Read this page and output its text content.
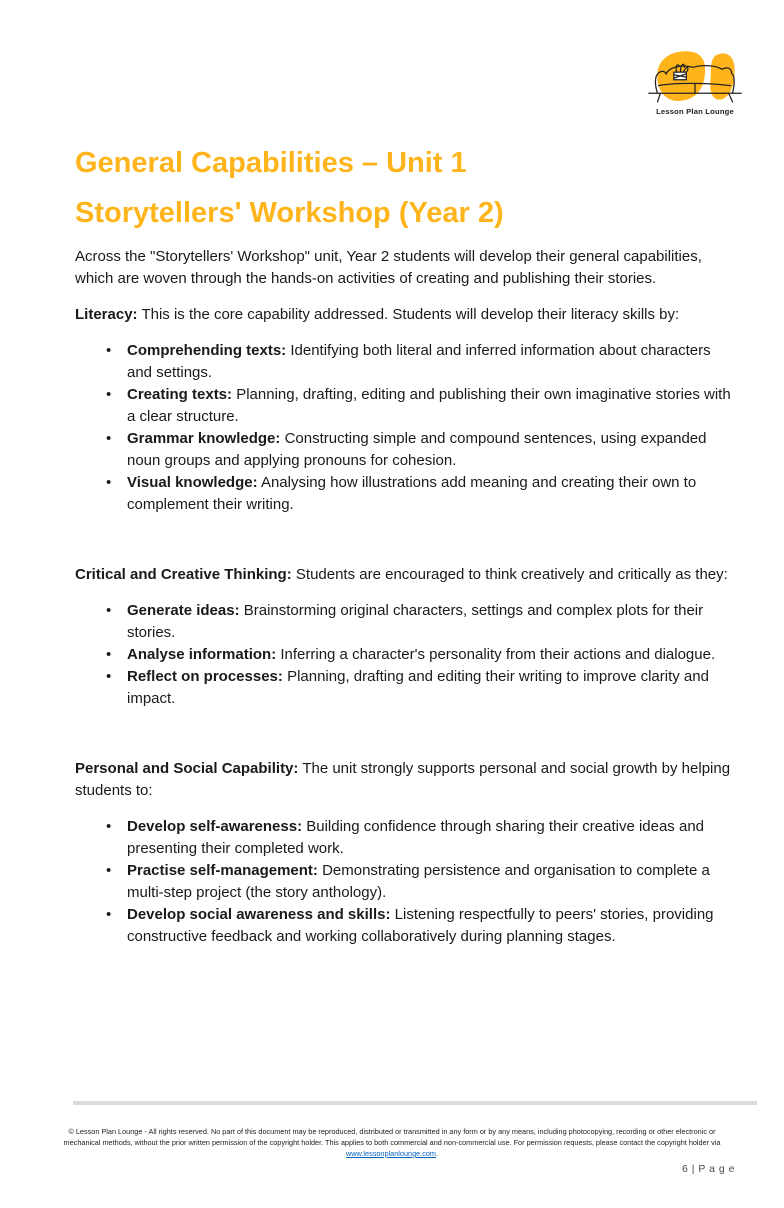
Lesson Plan Lounge
General Capabilities – Unit 1
Storytellers' Workshop (Year 2)

Across the "Storytellers' Workshop" unit, Year 2 students will develop their general capabilities, which are woven through the hands-on activities of creating and publishing their stories.

Literacy: This is the core capability addressed. Students will develop their literacy skills by:

• Comprehending texts: Identifying both literal and inferred information about characters and settings.
• Creating texts: Planning, drafting, editing and publishing their own imaginative stories with a clear structure.
• Grammar knowledge: Constructing simple and compound sentences, using expanded noun groups and applying pronouns for cohesion.
• Visual knowledge: Analysing how illustrations add meaning and creating their own to complement their writing.

Critical and Creative Thinking: Students are encouraged to think creatively and critically as they:

• Generate ideas: Brainstorming original characters, settings and complex plots for their stories.
• Analyse information: Inferring a character's personality from their actions and dialogue.
• Reflect on processes: Planning, drafting and editing their writing to improve clarity and impact.

Personal and Social Capability: The unit strongly supports personal and social growth by helping students to:

• Develop self-awareness: Building confidence through sharing their creative ideas and presenting their completed work.
• Practise self-management: Demonstrating persistence and organisation to complete a multi-step project (the story anthology).
• Develop social awareness and skills: Listening respectfully to peers' stories, providing constructive feedback and working collaboratively during planning stages.
© Lesson Plan Lounge - All rights reserved. No part of this document may be reproduced, distributed or transmitted in any form or by any means, including photocopying, recording or other electronic or
mechanical methods, without the prior written permission of the copyright holder. This applies to both commercial and non-commercial use. For permission requests, please contact the copyright holder via
www.lessonplanlounge.com.
6 | P a g e
